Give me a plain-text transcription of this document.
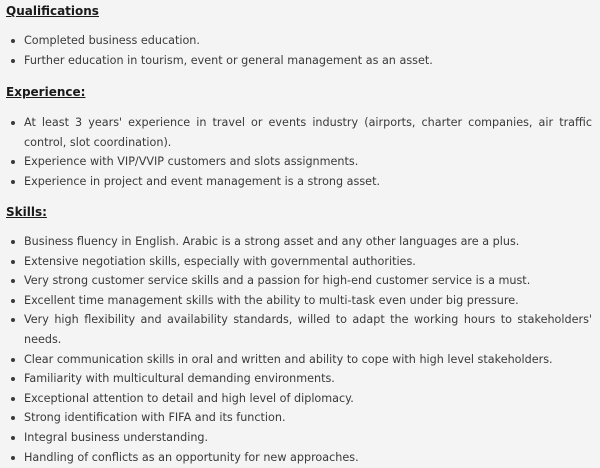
Qualifications
Completed business education.
Further education in tourism, event or general management as an asset.
Experience:
At least 3 years' experience in travel or events industry (airports, charter companies, air traffic control, slot coordination).
Experience with VIP/VVIP customers and slots assignments.
Experience in project and event management is a strong asset.
Skills:
Business fluency in English. Arabic is a strong asset and any other languages are a plus.
Extensive negotiation skills, especially with governmental authorities.
Very strong customer service skills and a passion for high-end customer service is a must.
Excellent time management skills with the ability to multi-task even under big pressure.
Very high flexibility and availability standards, willed to adapt the working hours to stakeholders' needs.
Clear communication skills in oral and written and ability to cope with high level stakeholders.
Familiarity with multicultural demanding environments.
Exceptional attention to detail and high level of diplomacy.
Strong identification with FIFA and its function.
Integral business understanding.
Handling of conflicts as an opportunity for new approaches.
